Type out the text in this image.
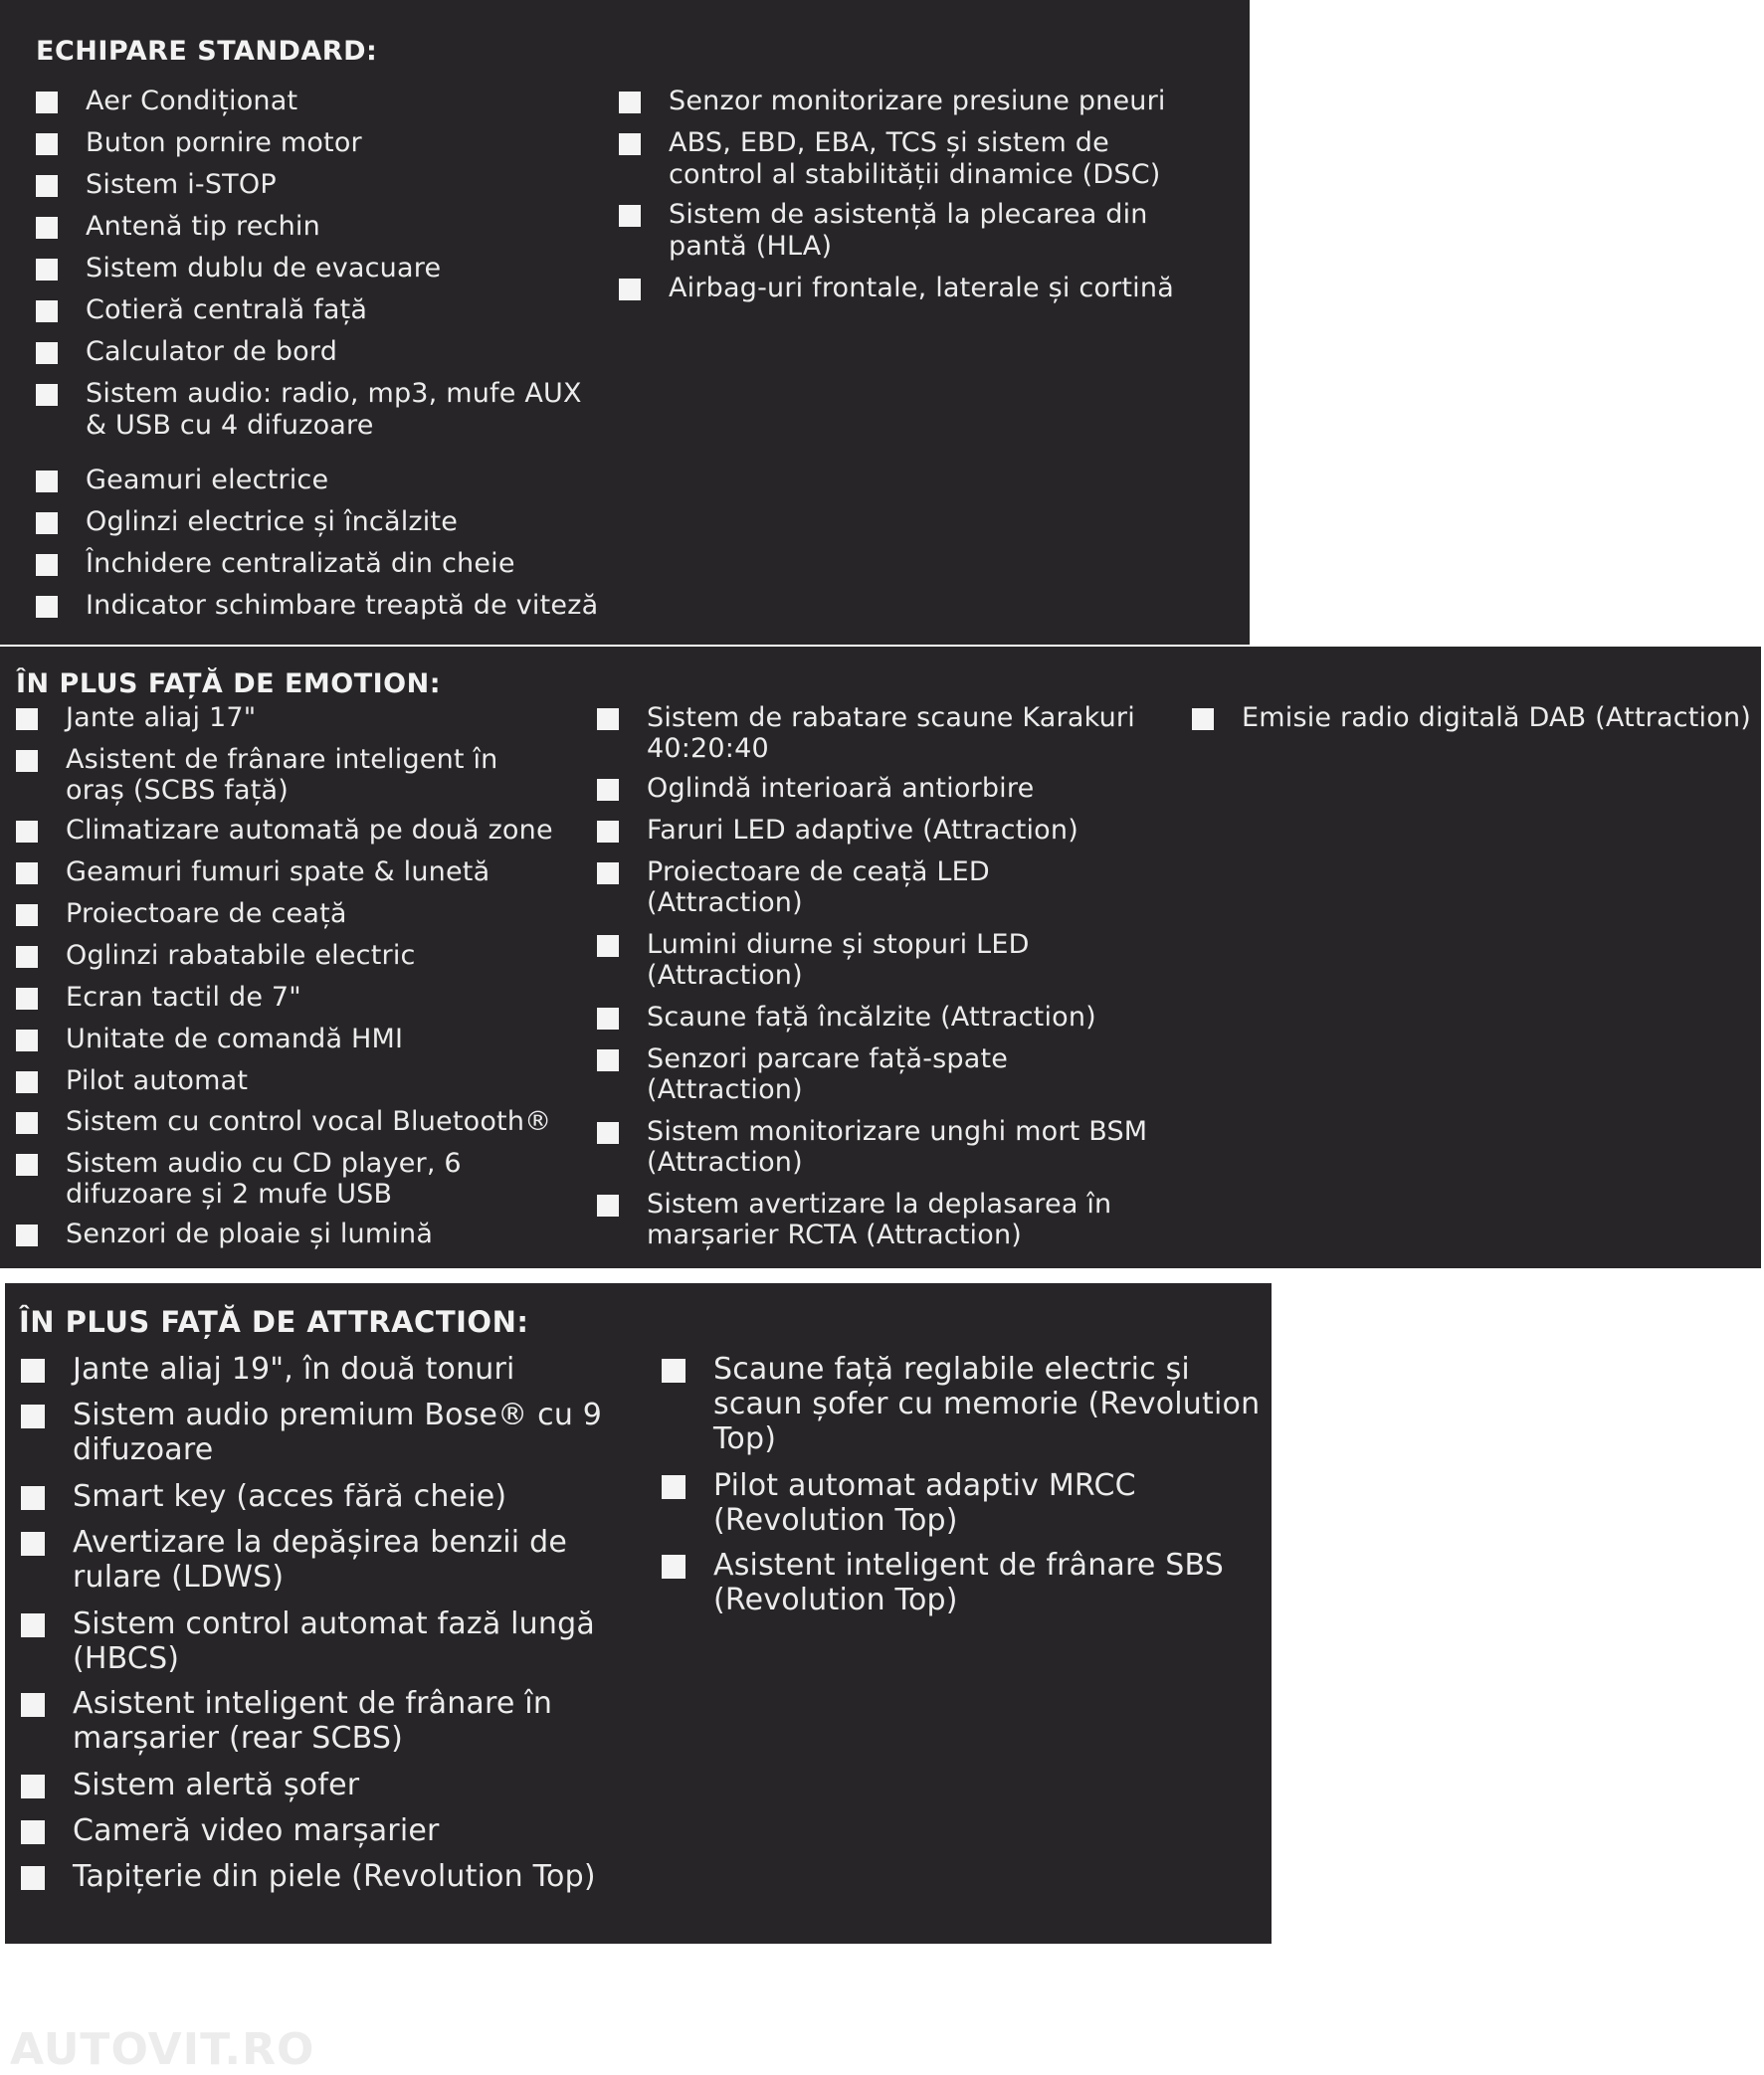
ECHIPARE STANDARD:
Aer Condiționat
Buton pornire motor
Sistem i-STOP
Antenă tip rechin
Sistem dublu de evacuare
Cotieră centrală față
Calculator de bord
Sistem audio: radio, mp3, mufe AUX
& USB cu 4 difuzoare
Geamuri electrice
Oglinzi electrice și încălzite
Închidere centralizată din cheie
Indicator schimbare treaptă de viteză
Senzor monitorizare presiune pneuri
ABS, EBD, EBA, TCS și sistem de
control al stabilității dinamice (DSC)
Sistem de asistență la plecarea din
pantă (HLA)
Airbag-uri frontale, laterale și cortină
ÎN PLUS FAȚĂ DE EMOTION:
Jante aliaj 17"
Asistent de frânare inteligent în
oraș (SCBS față)
Climatizare automată pe două zone
Geamuri fumuri spate & lunetă
Proiectoare de ceață
Oglinzi rabatabile electric
Ecran tactil de 7"
Unitate de comandă HMI
Pilot automat
Sistem cu control vocal Bluetooth®
Sistem audio cu CD player, 6
difuzoare și 2 mufe USB
Senzori de ploaie și lumină
Sistem de rabatare scaune Karakuri
40:20:40
Oglindă interioară antiorbire
Faruri LED adaptive (Attraction)
Proiectoare de ceață LED
(Attraction)
Lumini diurne și stopuri LED
(Attraction)
Scaune față încălzite (Attraction)
Senzori parcare față-spate
(Attraction)
Sistem monitorizare unghi mort BSM
(Attraction)
Sistem avertizare la deplasarea în
marșarier RCTA (Attraction)
Emisie radio digitală DAB (Attraction)
ÎN PLUS FAȚĂ DE ATTRACTION:
Jante aliaj 19", în două tonuri
Sistem audio premium Bose® cu 9
difuzoare
Smart key (acces fără cheie)
Avertizare la depășirea benzii de
rulare (LDWS)
Sistem control automat fază lungă
(HBCS)
Asistent inteligent de frânare în
marșarier (rear SCBS)
Sistem alertă șofer
Cameră video marșarier
Tapițerie din piele (Revolution Top)
Scaune față reglabile electric și
scaun șofer cu memorie (Revolution
Top)
Pilot automat adaptiv MRCC
(Revolution Top)
Asistent inteligent de frânare SBS
(Revolution Top)
AUTOVIT.RO
